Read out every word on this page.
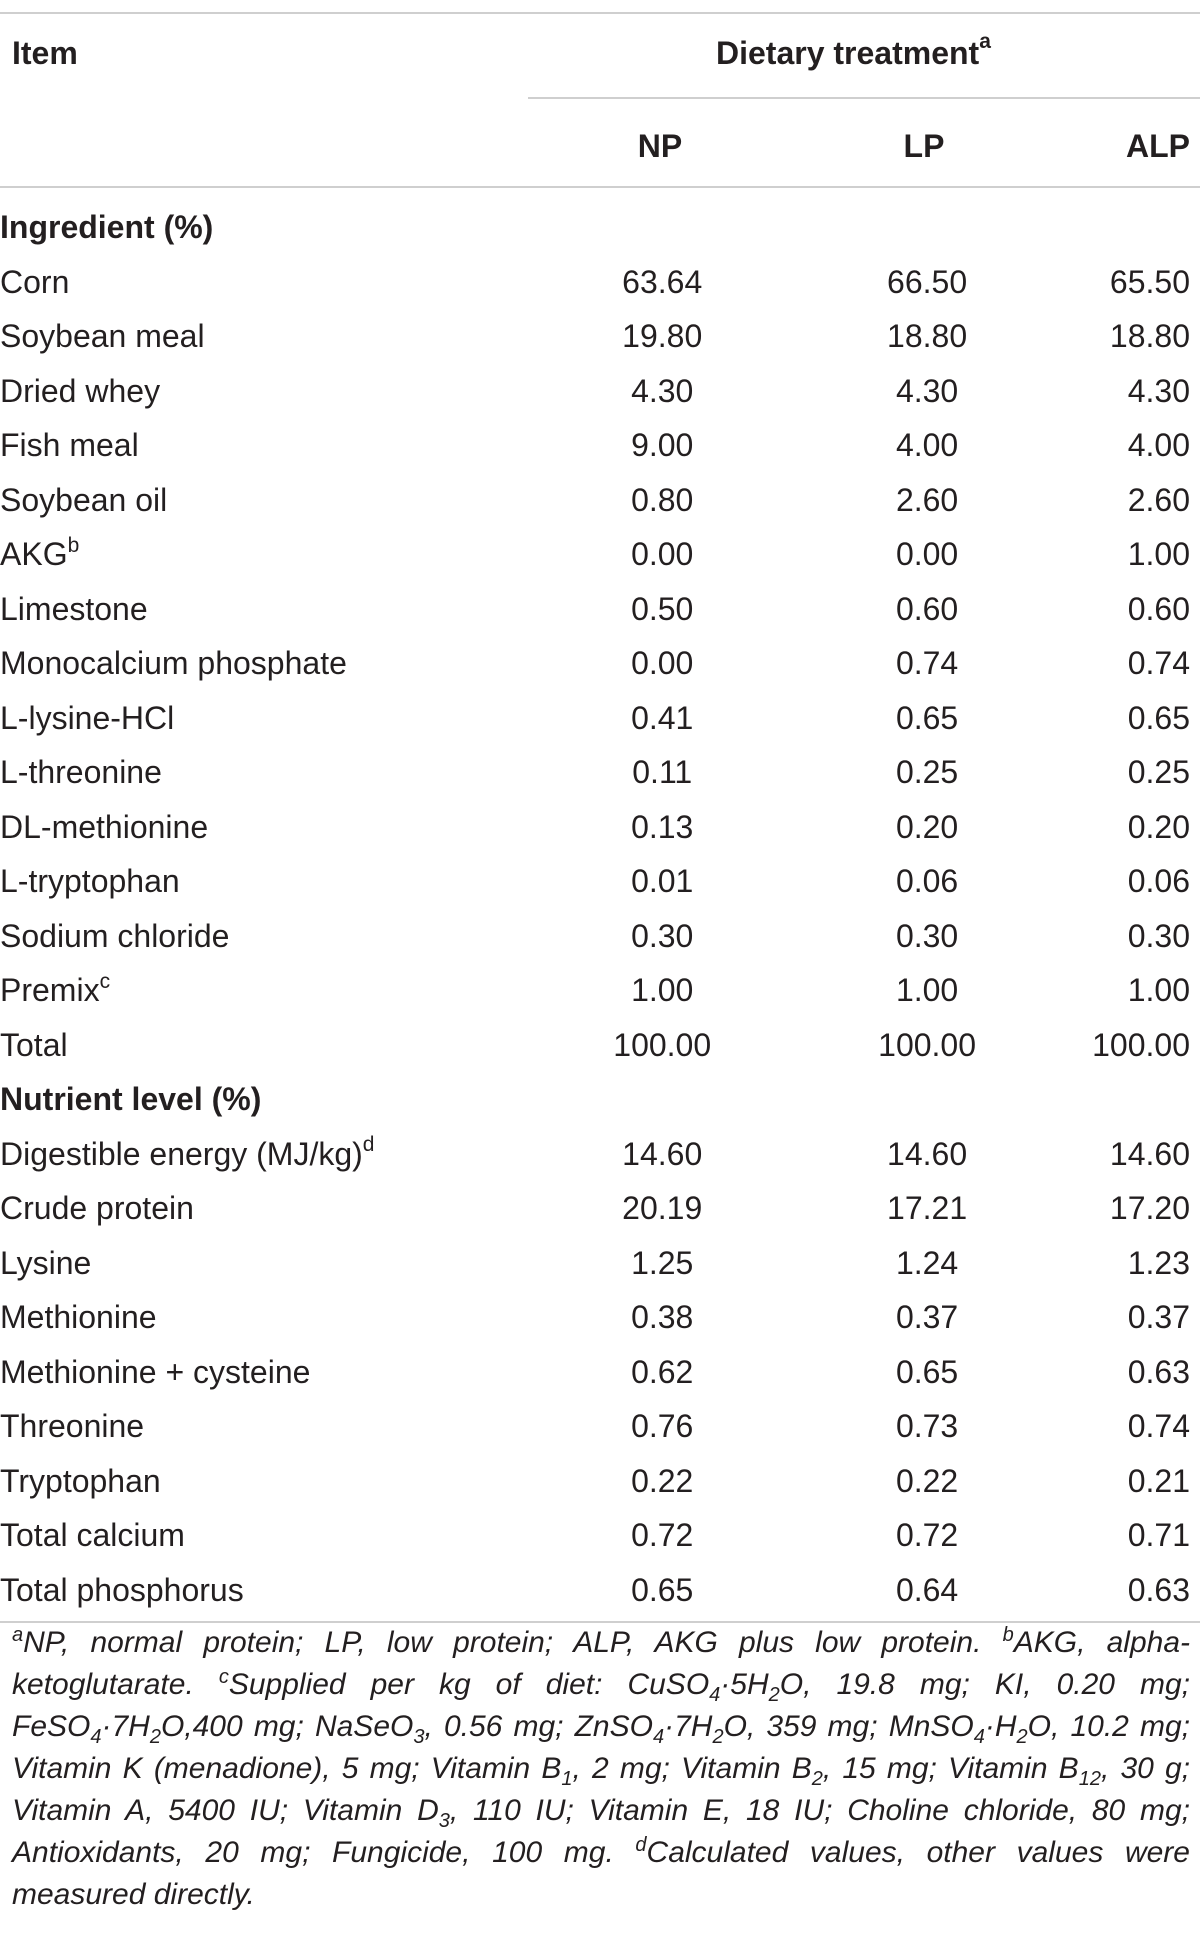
Item	Dietary treatment$^a$
NP	LP	ALP
Ingredient (%)			
Corn	63.64	66.50	65.50
Soybean meal	19.80	18.80	18.80
Dried whey	4.30	4.30	4.30
Fish meal	9.00	4.00	4.00
Soybean oil	0.80	2.60	2.60
AKG$^b$	0.00	0.00	1.00
Limestone	0.50	0.60	0.60
Monocalcium phosphate	0.00	0.74	0.74
L-lysine-HCl	0.41	0.65	0.65
L-threonine	0.11	0.25	0.25
DL-methionine	0.13	0.20	0.20
L-tryptophan	0.01	0.06	0.06
Sodium chloride	0.30	0.30	0.30
Premix$^c$	1.00	1.00	1.00
Total	100.00	100.00	100.00
Nutrient level (%)			
Digestible energy $(MJ/kg)^d$	14.60	14.60	14.60
Crude protein	20.19	17.21	17.20
Lysine	1.25	1.24	1.23
Methionine	0.38	0.37	0.37
Methionine + cysteine	0.62	0.65	0.63
Threonine	0.76	0.73	0.74
Tryptophan	0.22	0.22	0.21
Total calcium	0.72	0.72	0.71
Total phosphorus	0.65	0.64	0.63
$^a$NP, normal protein; LP, low protein; ALP, AKG plus low protein. $^b$AKG, alpha-ketoglutarate. $^c$Supplied per kg of diet: $CuSO_4\cdot 5H_2O$, 19.8 mg; KI, 0.20 mg; $FeSO_4\cdot 7H_2O,400$ mg; NaSeO$_3$, 0.56 mg; $ZnSO_4\cdot 7H_2O$, 359 mg; $MnSO_4\cdot H_2O$, 10.2 mg; Vitamin K (menadione), 5 mg; Vitamin $B_1$, 2 mg; Vitamin $B_2$, 15 mg; Vitamin $B_{12}$, 30 g; Vitamin A, 5400 IU; Vitamin $D_3$, 110 IU; Vitamin E, 18 IU; Choline chloride, 80 mg; Antioxidants, 20 mg; Fungicide, 100 mg. $^d$Calculated values, other values were measured directly.
